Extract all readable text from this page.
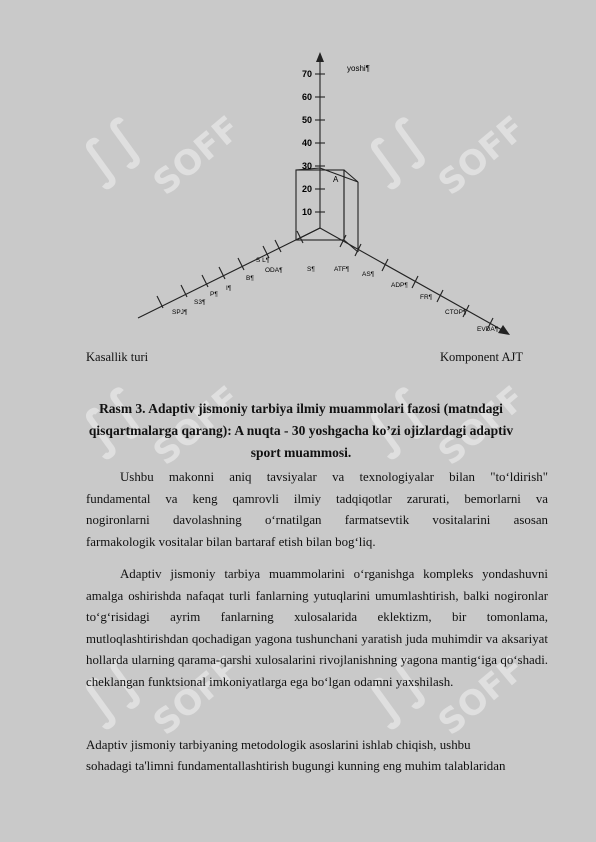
∫∫SOFF ∫∫SOFF
∫∫SOFF ∫∫SOFF
∫∫SOFF ∫∫SOFF
yoshi¶
A
70
60
50
40
30
20
10
SPJ¶
S3¶
P¶
I¶
B¶
ODA¶
S L¶
S¶	ATF¶
AS¶
ADP¶
FR¶
CTOP¶
EVDA¶
Kasallik turi	Komponent AJT
Rasm 3. Adaptiv jismoniy tarbiya ilmiy muammolari fazosi (matndagi
qisqartmalarga qarang): A nuqta - 30 yoshgacha ko’zi ojizlardagi adaptiv
sport muammosi.

Ushbu makonni aniq tavsiyalar va texnologiyalar bilan "to‘ldirish"

fundamental va keng qamrovli ilmiy tadqiqotlar zarurati, bemorlarni va

nogironlarni davolashning o‘rnatilgan farmatsevtik vositalarini asosan

farmakologik vositalar bilan bartaraf etish bilan bog‘liq.

Adaptiv jismoniy tarbiya muammolarini o‘rganishga kompleks yondashuvni amalga oshirishda nafaqat turli fanlarning yutuqlarini umumlashtirish, balki nogironlar to‘g‘risidagi ayrim fanlarning xulosalarida eklektizm, bir tomonlama, mutloqlashtirishdan qochadigan yagona tushunchani yaratish juda muhimdir va aksariyat hollarda ularning qarama-qarshi xulosalarini rivojlanishning yagona mantig‘iga qo‘shadi. cheklangan funktsional imkoniyatlarga ega bo‘lgan odamni yaxshilash.

Adaptiv jismoniy tarbiyaning metodologik asoslarini ishlab chiqish, ushbu
sohadagi ta'limni fundamentallashtirish bugungi kunning eng muhim talablaridan
